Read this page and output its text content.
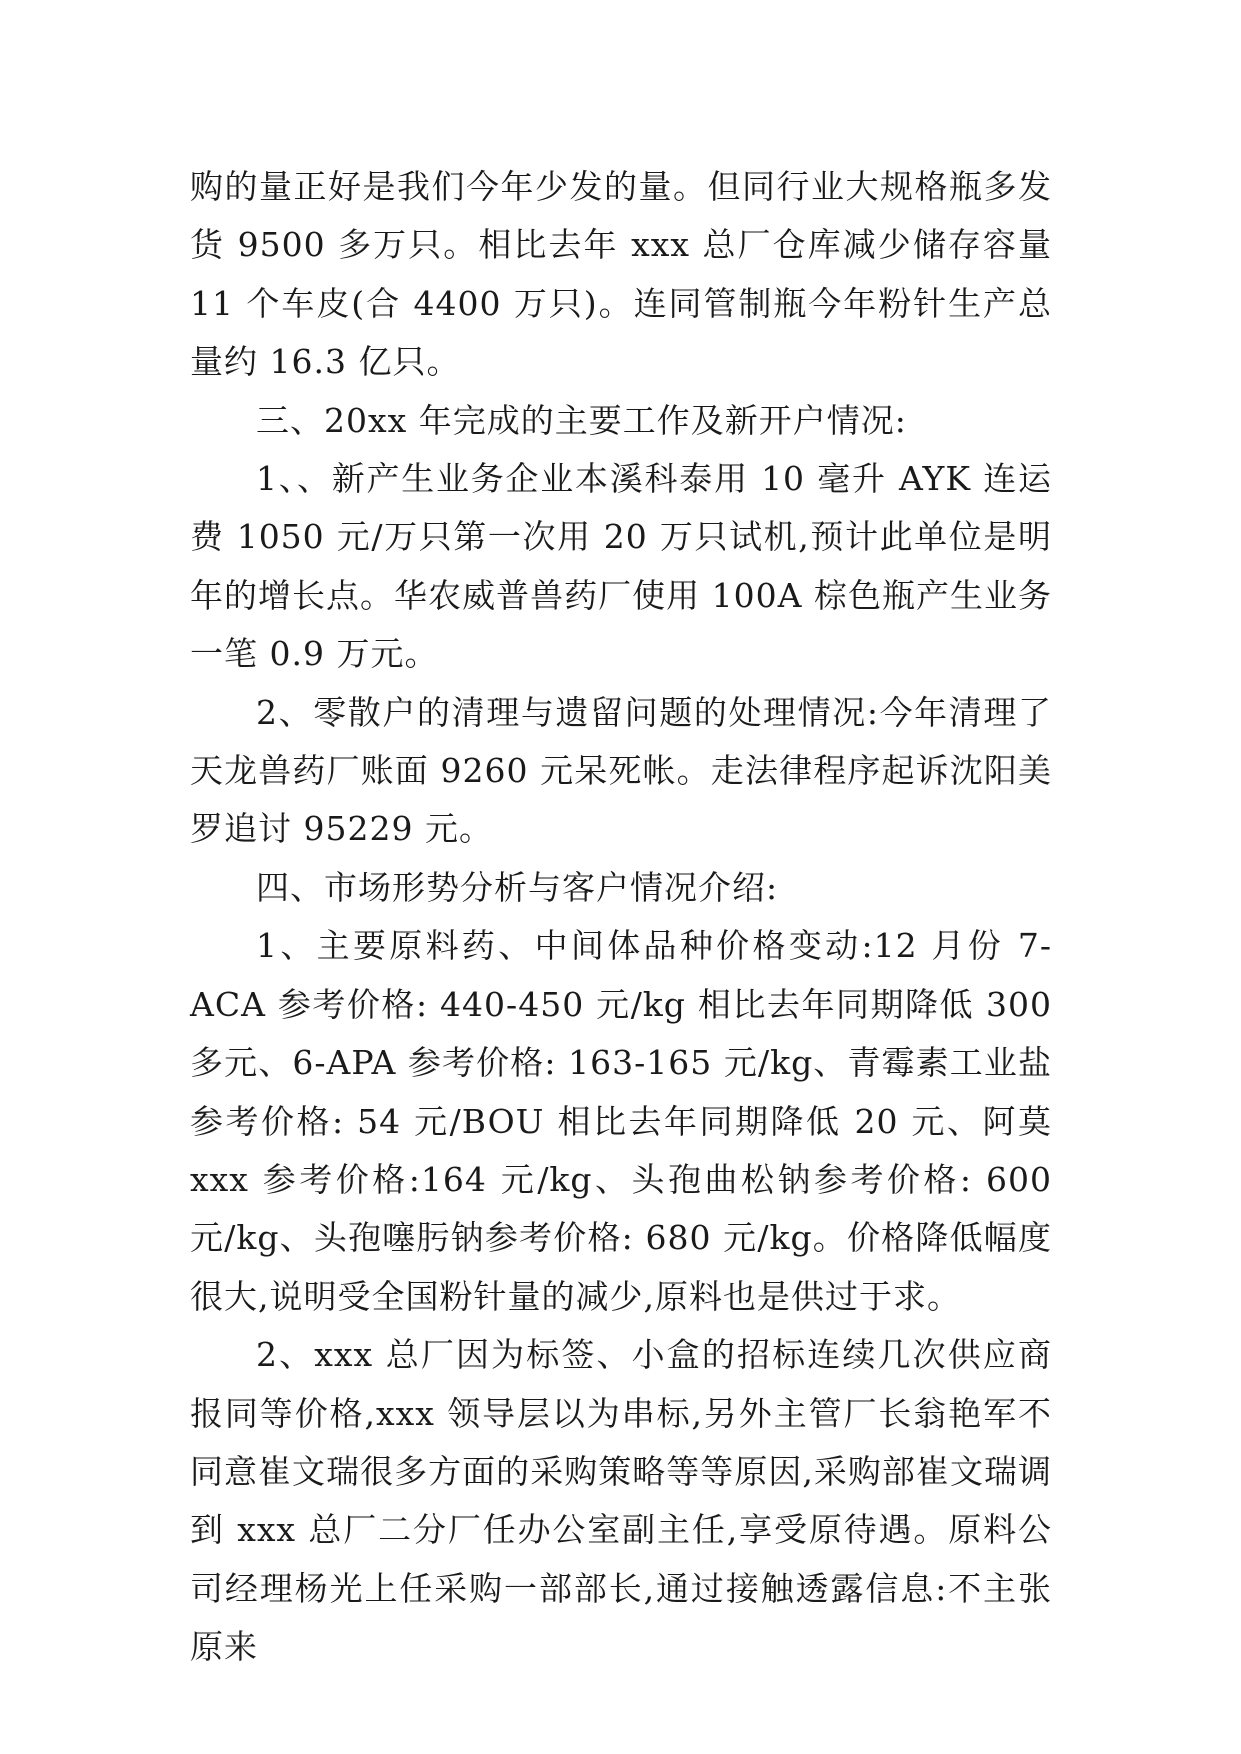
购的量正好是我们今年少发的量。但同行业大规格瓶多发货 9500 多万只。相比去年 xxx 总厂仓库减少储存容量 11 个车皮(合 4400 万只)。连同管制瓶今年粉针生产总量约 16.3 亿只。

三、20xx 年完成的主要工作及新开户情况:

1、、新产生业务企业本溪科泰用 10 毫升 AYK 连运费 1050 元/万只第一次用 20 万只试机,预计此单位是明年的增长点。华农威普兽药厂使用 100A 棕色瓶产生业务一笔 0.9 万元。

2、零散户的清理与遗留问题的处理情况:今年清理了天龙兽药厂账面 9260 元呆死帐。走法律程序起诉沈阳美罗追讨 95229 元。

四、市场形势分析与客户情况介绍:

1、主要原料药、中间体品种价格变动:12 月份 7-ACA 参考价格: 440-450 元/kg 相比去年同期降低 300 多元、6-APA 参考价格: 163-165 元/kg、青霉素工业盐参考价格: 54 元/BOU 相比去年同期降低 20 元、阿莫 xxx 参考价格:164 元/kg、头孢曲松钠参考价格: 600 元/kg、头孢噻肟钠参考价格: 680 元/kg。价格降低幅度很大,说明受全国粉针量的减少,原料也是供过于求。

2、xxx 总厂因为标签、小盒的招标连续几次供应商报同等价格,xxx 领导层以为串标,另外主管厂长翁艳军不同意崔文瑞很多方面的采购策略等等原因,采购部崔文瑞调到 xxx 总厂二分厂任办公室副主任,享受原待遇。原料公司经理杨光上任采购一部部长,通过接触透露信息:不主张原来
